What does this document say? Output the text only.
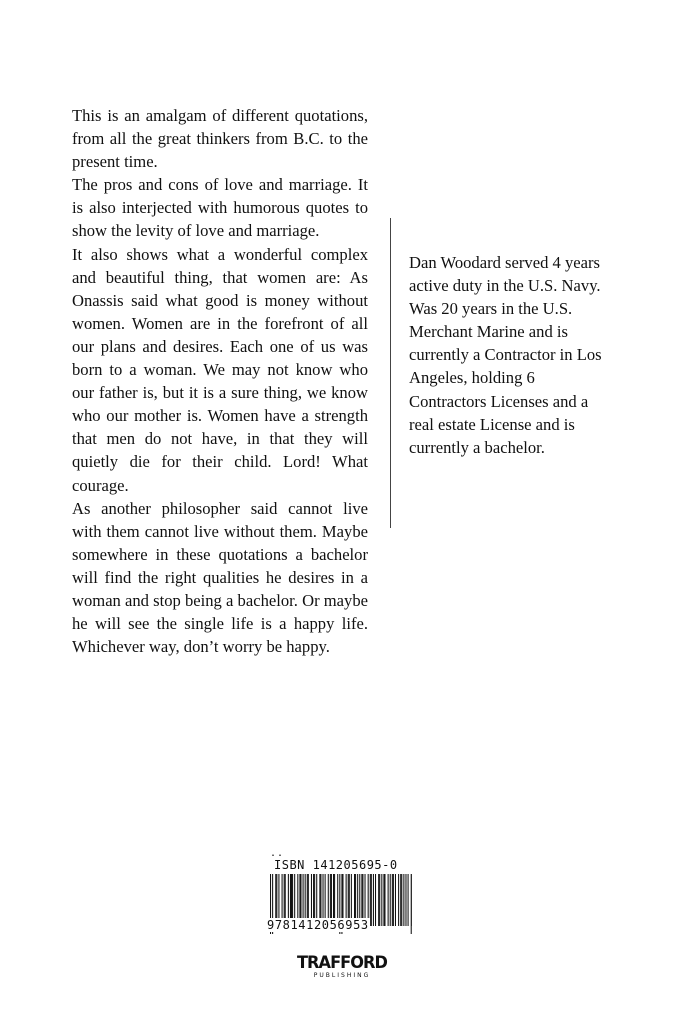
This is an amalgam of different quotations, from all the great thinkers from B.C. to the present time.

The pros and cons of love and marriage. It is also interjected with humorous quotes to show the levity of love and marriage.

It also shows what a wonderful complex and beautiful thing, that women are: As Onassis said what good is money without women. Women are in the forefront of all our plans and desires. Each one of us was born to a woman. We may not know who our father is, but it is a sure thing, we know who our mother is. Women have a strength that men do not have, in that they will quietly die for their child. Lord! What courage.

As another philosopher said cannot live with them cannot live without them. Maybe somewhere in these quotations a bachelor will find the right qualities he desires in a woman and stop being a bachelor. Or maybe he will see the single life is a happy life. Whichever way, don’t worry be happy.

Dan Woodard served 4 years active duty in the U.S. Navy. Was 20 years in the U.S. Merchant Marine and is currently a Contractor in Los Angeles, holding 6 Contractors Licenses and a real estate License and is currently a bachelor.
..
ISBN 141205695-0
9781412056953
TRAFFORD
PUBLISHING
